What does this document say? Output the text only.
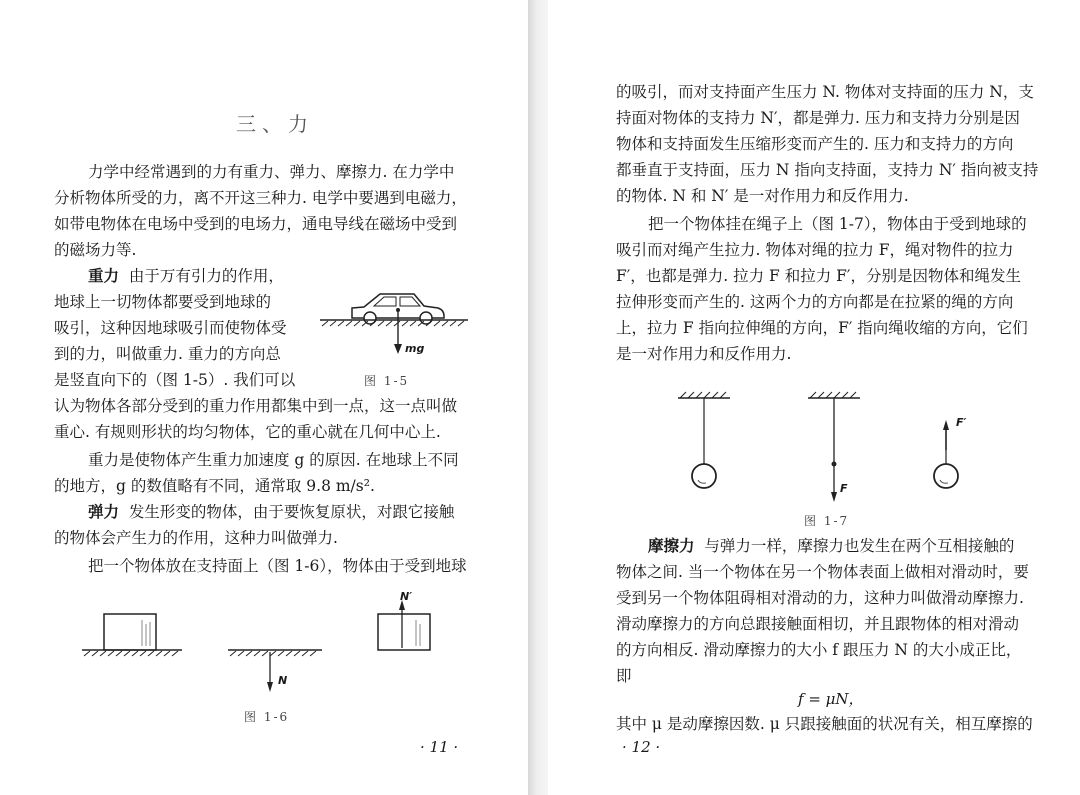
三、力
力学中经常遇到的力有重力、弹力、摩擦力. 在力学中
分析物体所受的力，离不开这三种力. 电学中要遇到电磁力，
如带电物体在电场中受到的电场力，通电导线在磁场中受到
的磁场力等.
重力 由于万有引力的作用，
地球上一切物体都要受到地球的
吸引，这种因地球吸引而使物体受
到的力，叫做重力. 重力的方向总
是竖直向下的（图 1-5）. 我们可以
认为物体各部分受到的重力作用都集中到一点，这一点叫做
重心. 有规则形状的均匀物体，它的重心就在几何中心上.
重力是使物体产生重力加速度 g 的原因. 在地球上不同
的地方，g 的数值略有不同，通常取 9.8 m/s².
弹力 发生形变的物体，由于要恢复原状，对跟它接触
的物体会产生力的作用，这种力叫做弹力.
把一个物体放在支持面上（图 1-6），物体由于受到地球
mg
图 1-5
N
N′
图 1-6
· 11 ·
的吸引，而对支持面产生压力 N. 物体对支持面的压力 N，支
持面对物体的支持力 N′，都是弹力. 压力和支持力分别是因
物体和支持面发生压缩形变而产生的. 压力和支持力的方向
都垂直于支持面，压力 N 指向支持面，支持力 N′ 指向被支持
的物体. N 和 N′ 是一对作用力和反作用力.
把一个物体挂在绳子上（图 1-7），物体由于受到地球的
吸引而对绳产生拉力. 物体对绳的拉力 F，绳对物件的拉力
F′，也都是弹力. 拉力 F 和拉力 F′，分别是因物体和绳发生
拉伸形变而产生的. 这两个力的方向都是在拉紧的绳的方向
上，拉力 F 指向拉伸绳的方向，F′ 指向绳收缩的方向，它们
是一对作用力和反作用力.
F
F′
图 1-7
摩擦力 与弹力一样，摩擦力也发生在两个互相接触的
物体之间. 当一个物体在另一个物体表面上做相对滑动时，要
受到另一个物体阻碍相对滑动的力，这种力叫做滑动摩擦力.
滑动摩擦力的方向总跟接触面相切，并且跟物体的相对滑动
的方向相反. 滑动摩擦力的大小 f 跟压力 N 的大小成正比，
即
f = μN，
其中 μ 是动摩擦因数. μ 只跟接触面的状况有关，相互摩擦的
· 12 ·
